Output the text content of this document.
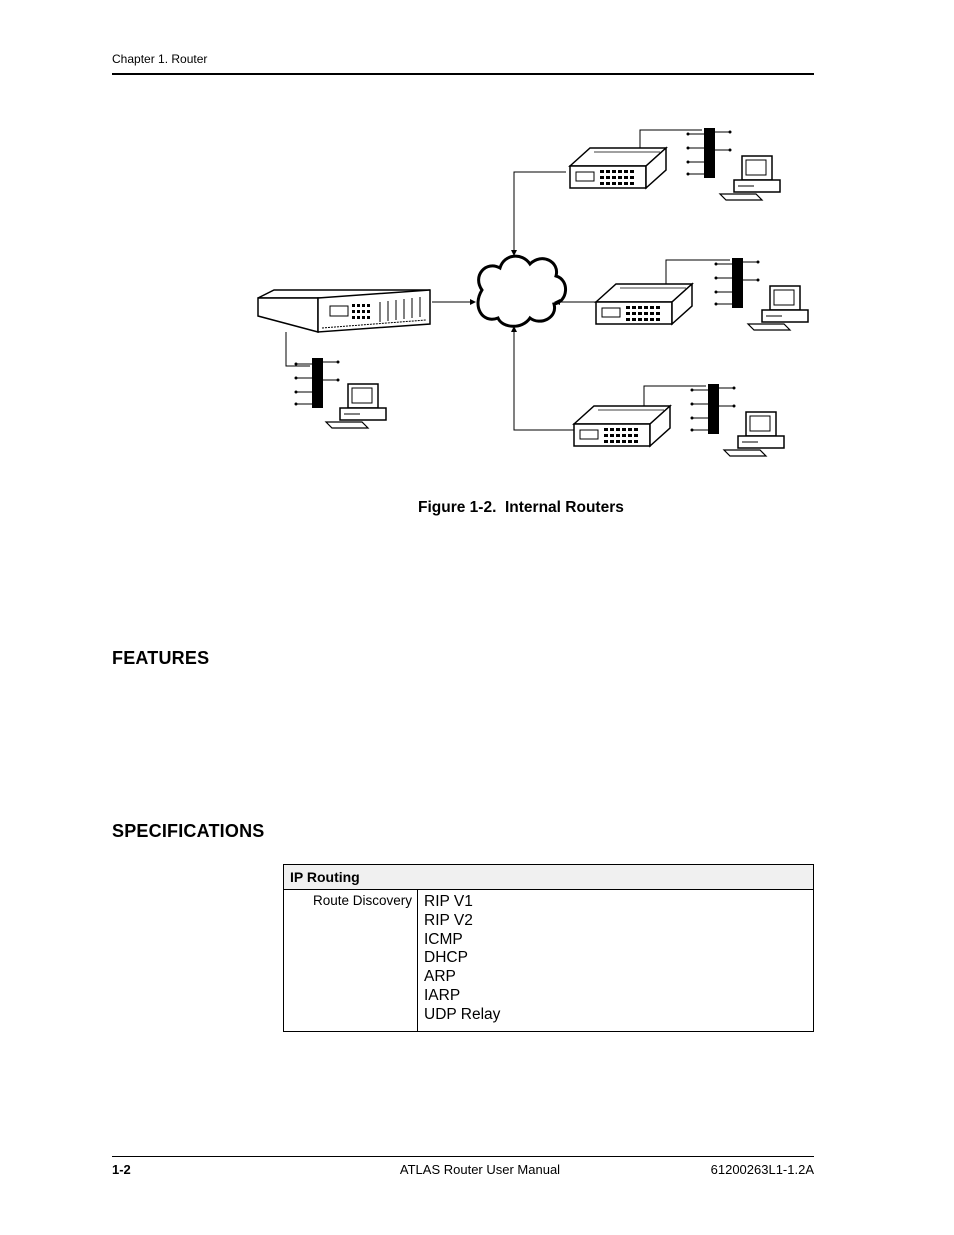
Chapter 1. Router
Figure 1-2.  Internal Routers
FEATURES
SPECIFICATIONS
IP Routing
Route Discovery	RIP V1
RIP V2
ICMP
DHCP
ARP
IARP
UDP Relay
1-2	ATLAS Router User Manual	61200263L1-1.2A
